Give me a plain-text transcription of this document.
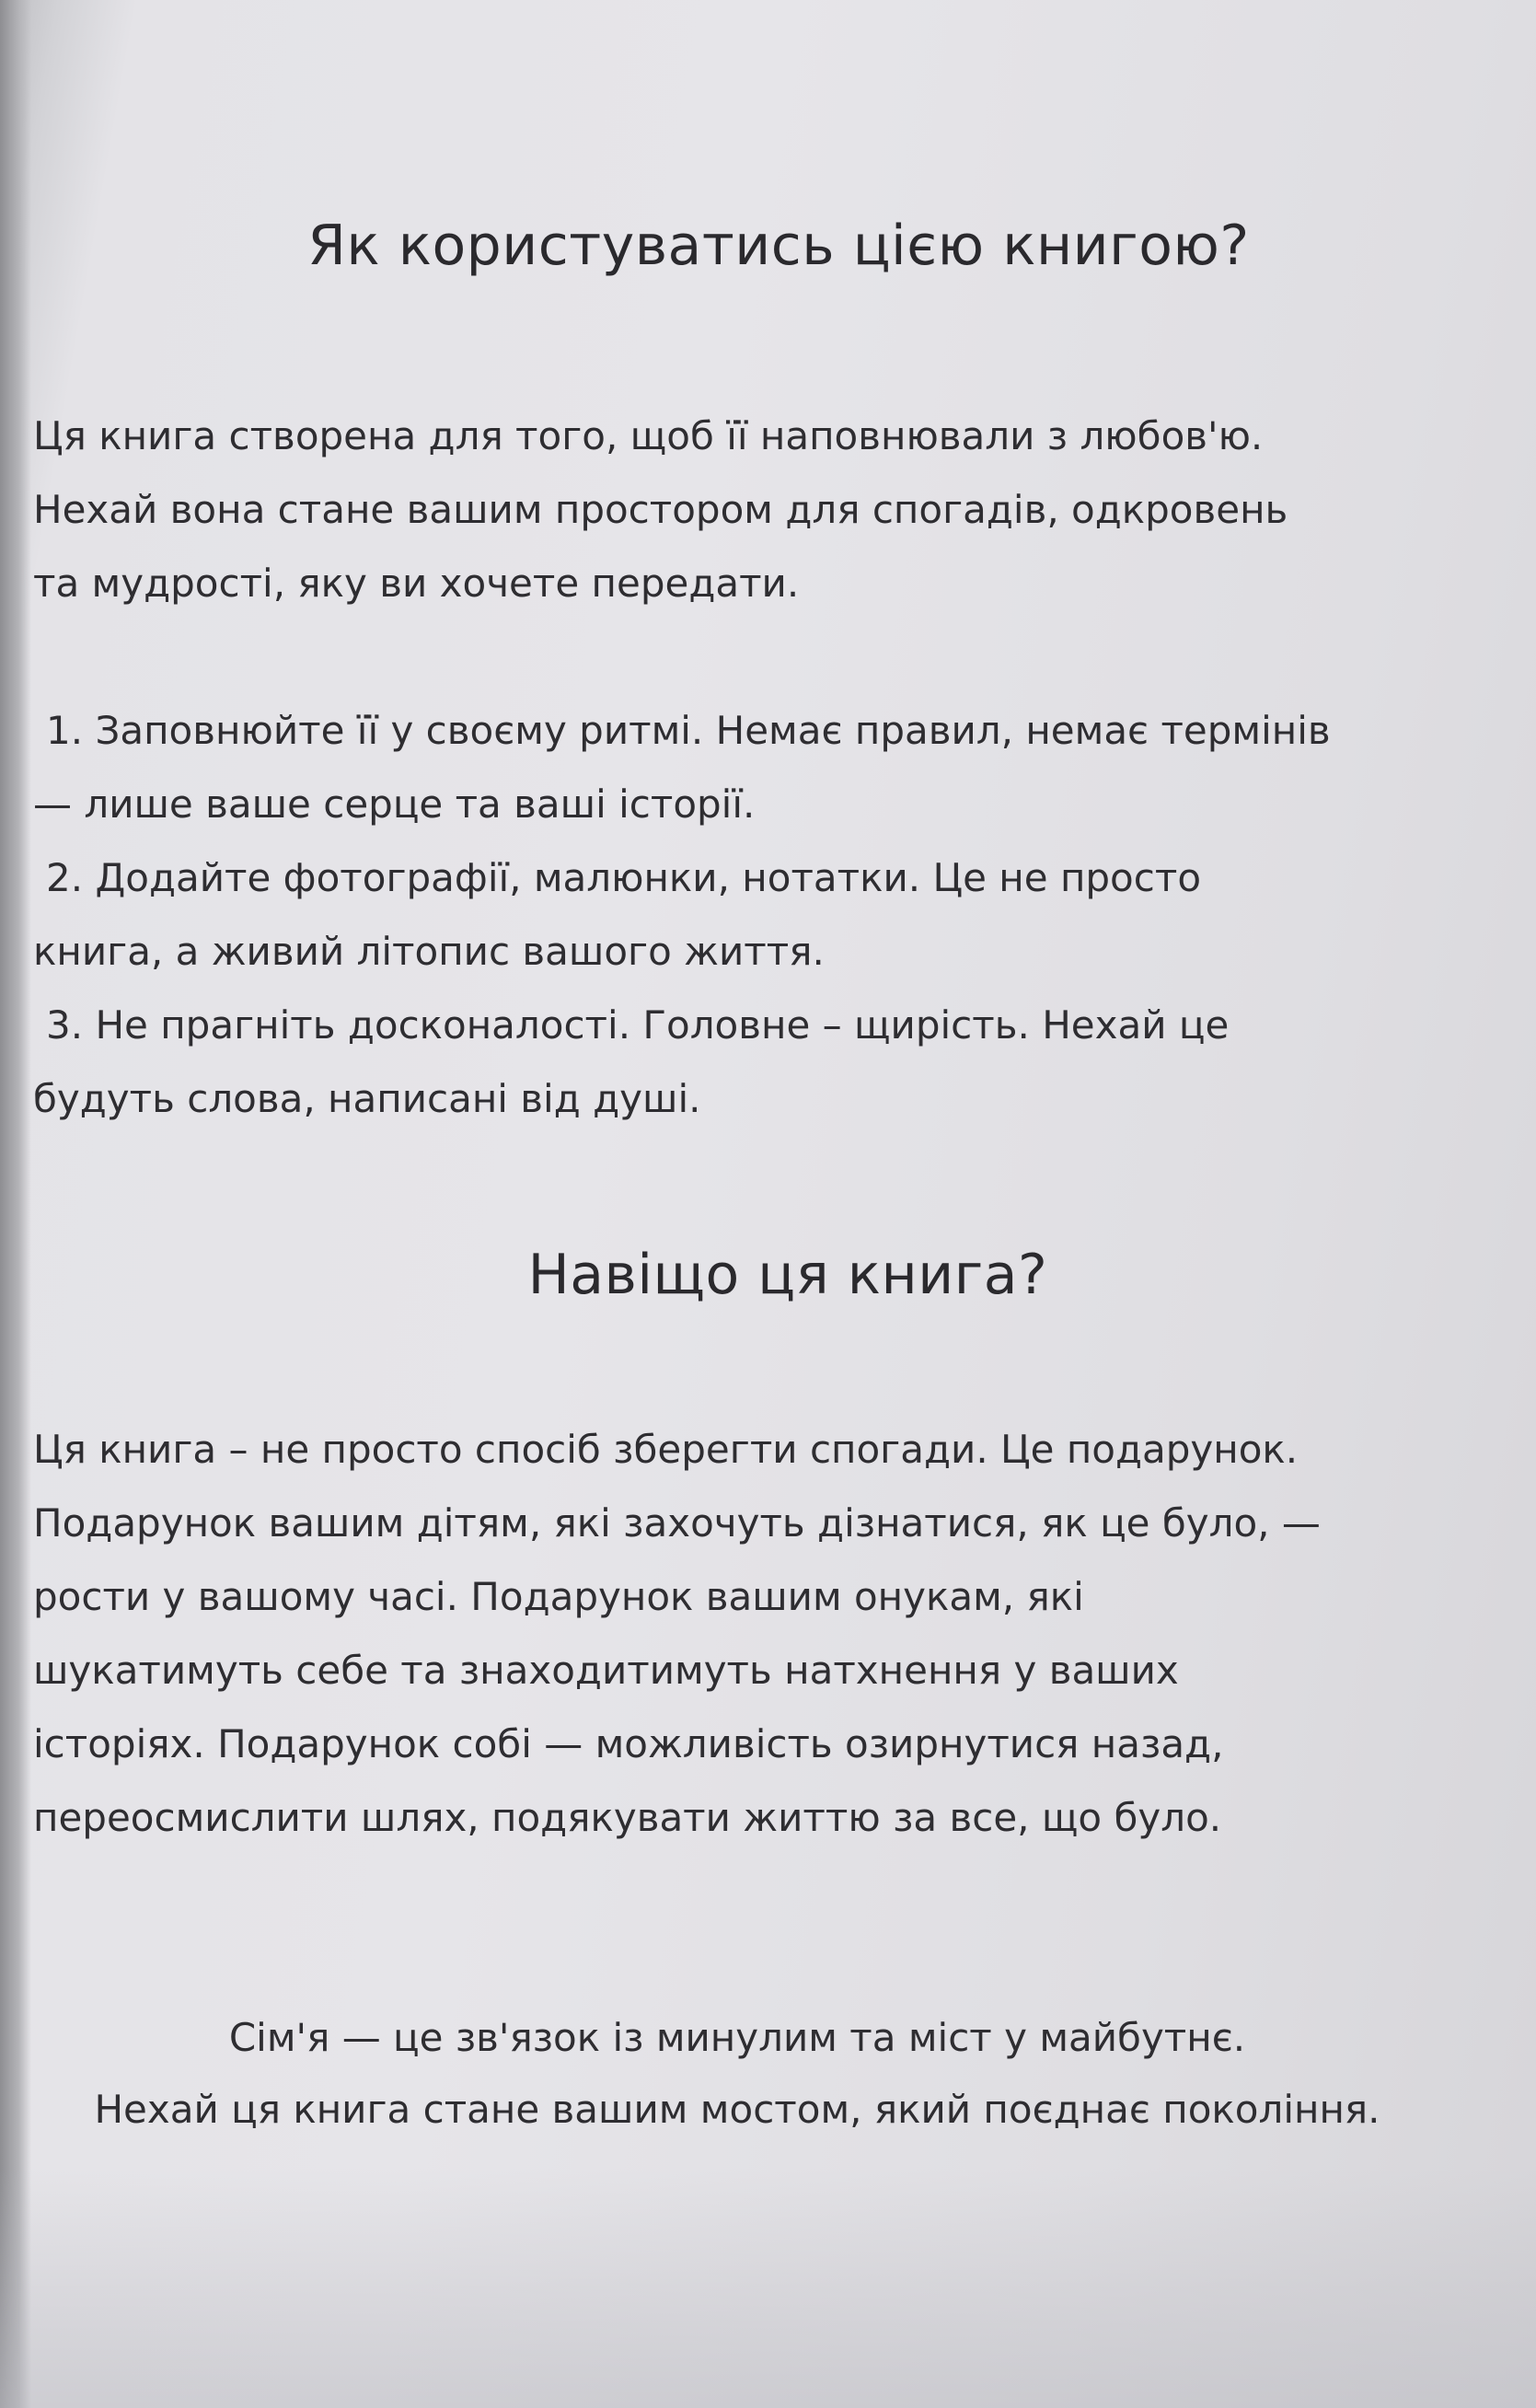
Як користуватись цією книгою?
Ця книга створена для того, щоб її наповнювали з любов'ю.
Нехай вона стане вашим простором для спогадів, одкровень
та мудрості, яку ви хочете передати.
1. Заповнюйте її у своєму ритмі. Немає правил, немає термінів
— лише ваше серце та ваші історії.
2. Додайте фотографії, малюнки, нотатки. Це не просто
книга, а живий літопис вашого життя.
3. Не прагніть досконалості. Головне – щирість. Нехай це
будуть слова, написані від душі.
Навіщо ця книга?
Ця книга – не просто спосіб зберегти спогади. Це подарунок.
Подарунок вашим дітям, які захочуть дізнатися, як це було, —
рости у вашому часі. Подарунок вашим онукам, які
шукатимуть себе та знаходитимуть натхнення у ваших
історіях. Подарунок собі — можливість озирнутися назад,
переосмислити шлях, подякувати життю за все, що було.
Сім'я — це зв'язок із минулим та міст у майбутнє.
Нехай ця книга стане вашим мостом, який поєднає покоління.
